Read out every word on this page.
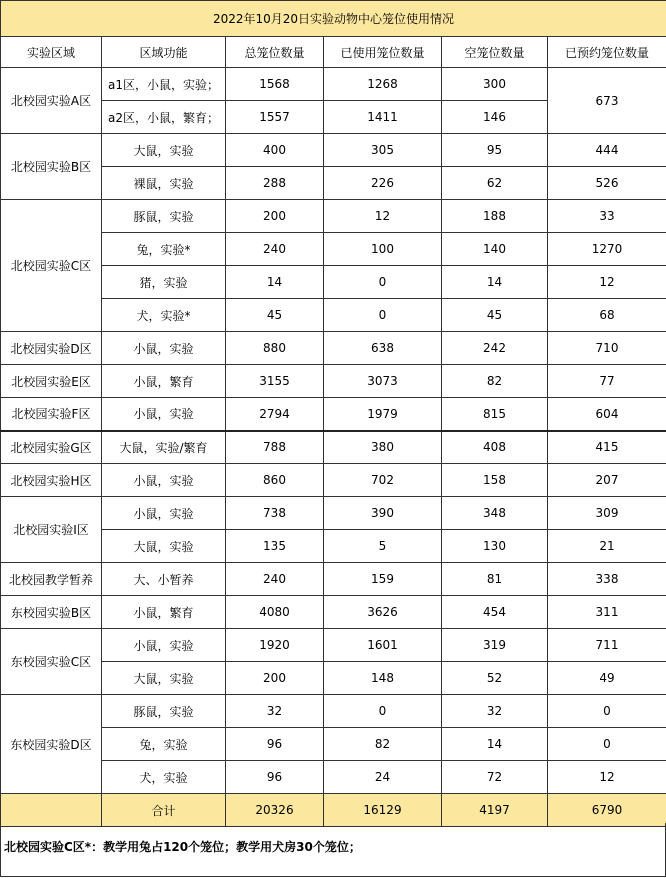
2022年10月20日实验动物中心笼位使用情况					
实验区域	区域功能	总笼位数量	已使用笼位数量	空笼位数量	已预约笼位数量
北校园实验A区	a1区，小鼠，实验；	1568	1268	300	673
	a2区，小鼠，繁育；	1557	1411	146	
北校园实验B区	大鼠，实验	400	305	95	444
	裸鼠，实验	288	226	62	526
北校园实验C区	豚鼠，实验	200	12	188	33
	兔，实验*	240	100	140	1270
	猪，实验	14	0	14	12
	犬，实验*	45	0	45	68
北校园实验D区	小鼠，实验	880	638	242	710
北校园实验E区	小鼠，繁育	3155	3073	82	77
北校园实验F区	小鼠，实验	2794	1979	815	604
北校园实验G区	大鼠，实验/繁育	788	380	408	415
北校园实验H区	小鼠，实验	860	702	158	207
北校园实验I区	小鼠，实验	738	390	348	309
	大鼠，实验	135	5	130	21
北校园教学暂养	大、小暂养	240	159	81	338
东校园实验B区	小鼠，繁育	4080	3626	454	311
东校园实验C区	小鼠，实验	1920	1601	319	711
	大鼠，实验	200	148	52	49
东校园实验D区	豚鼠，实验	32	0	32	0
	兔，实验	96	82	14	0
	犬，实验	96	24	72	12
	合计	20326	16129	4197	6790
北校园实验C区*：教学用兔占120个笼位；教学用犬房30个笼位；
